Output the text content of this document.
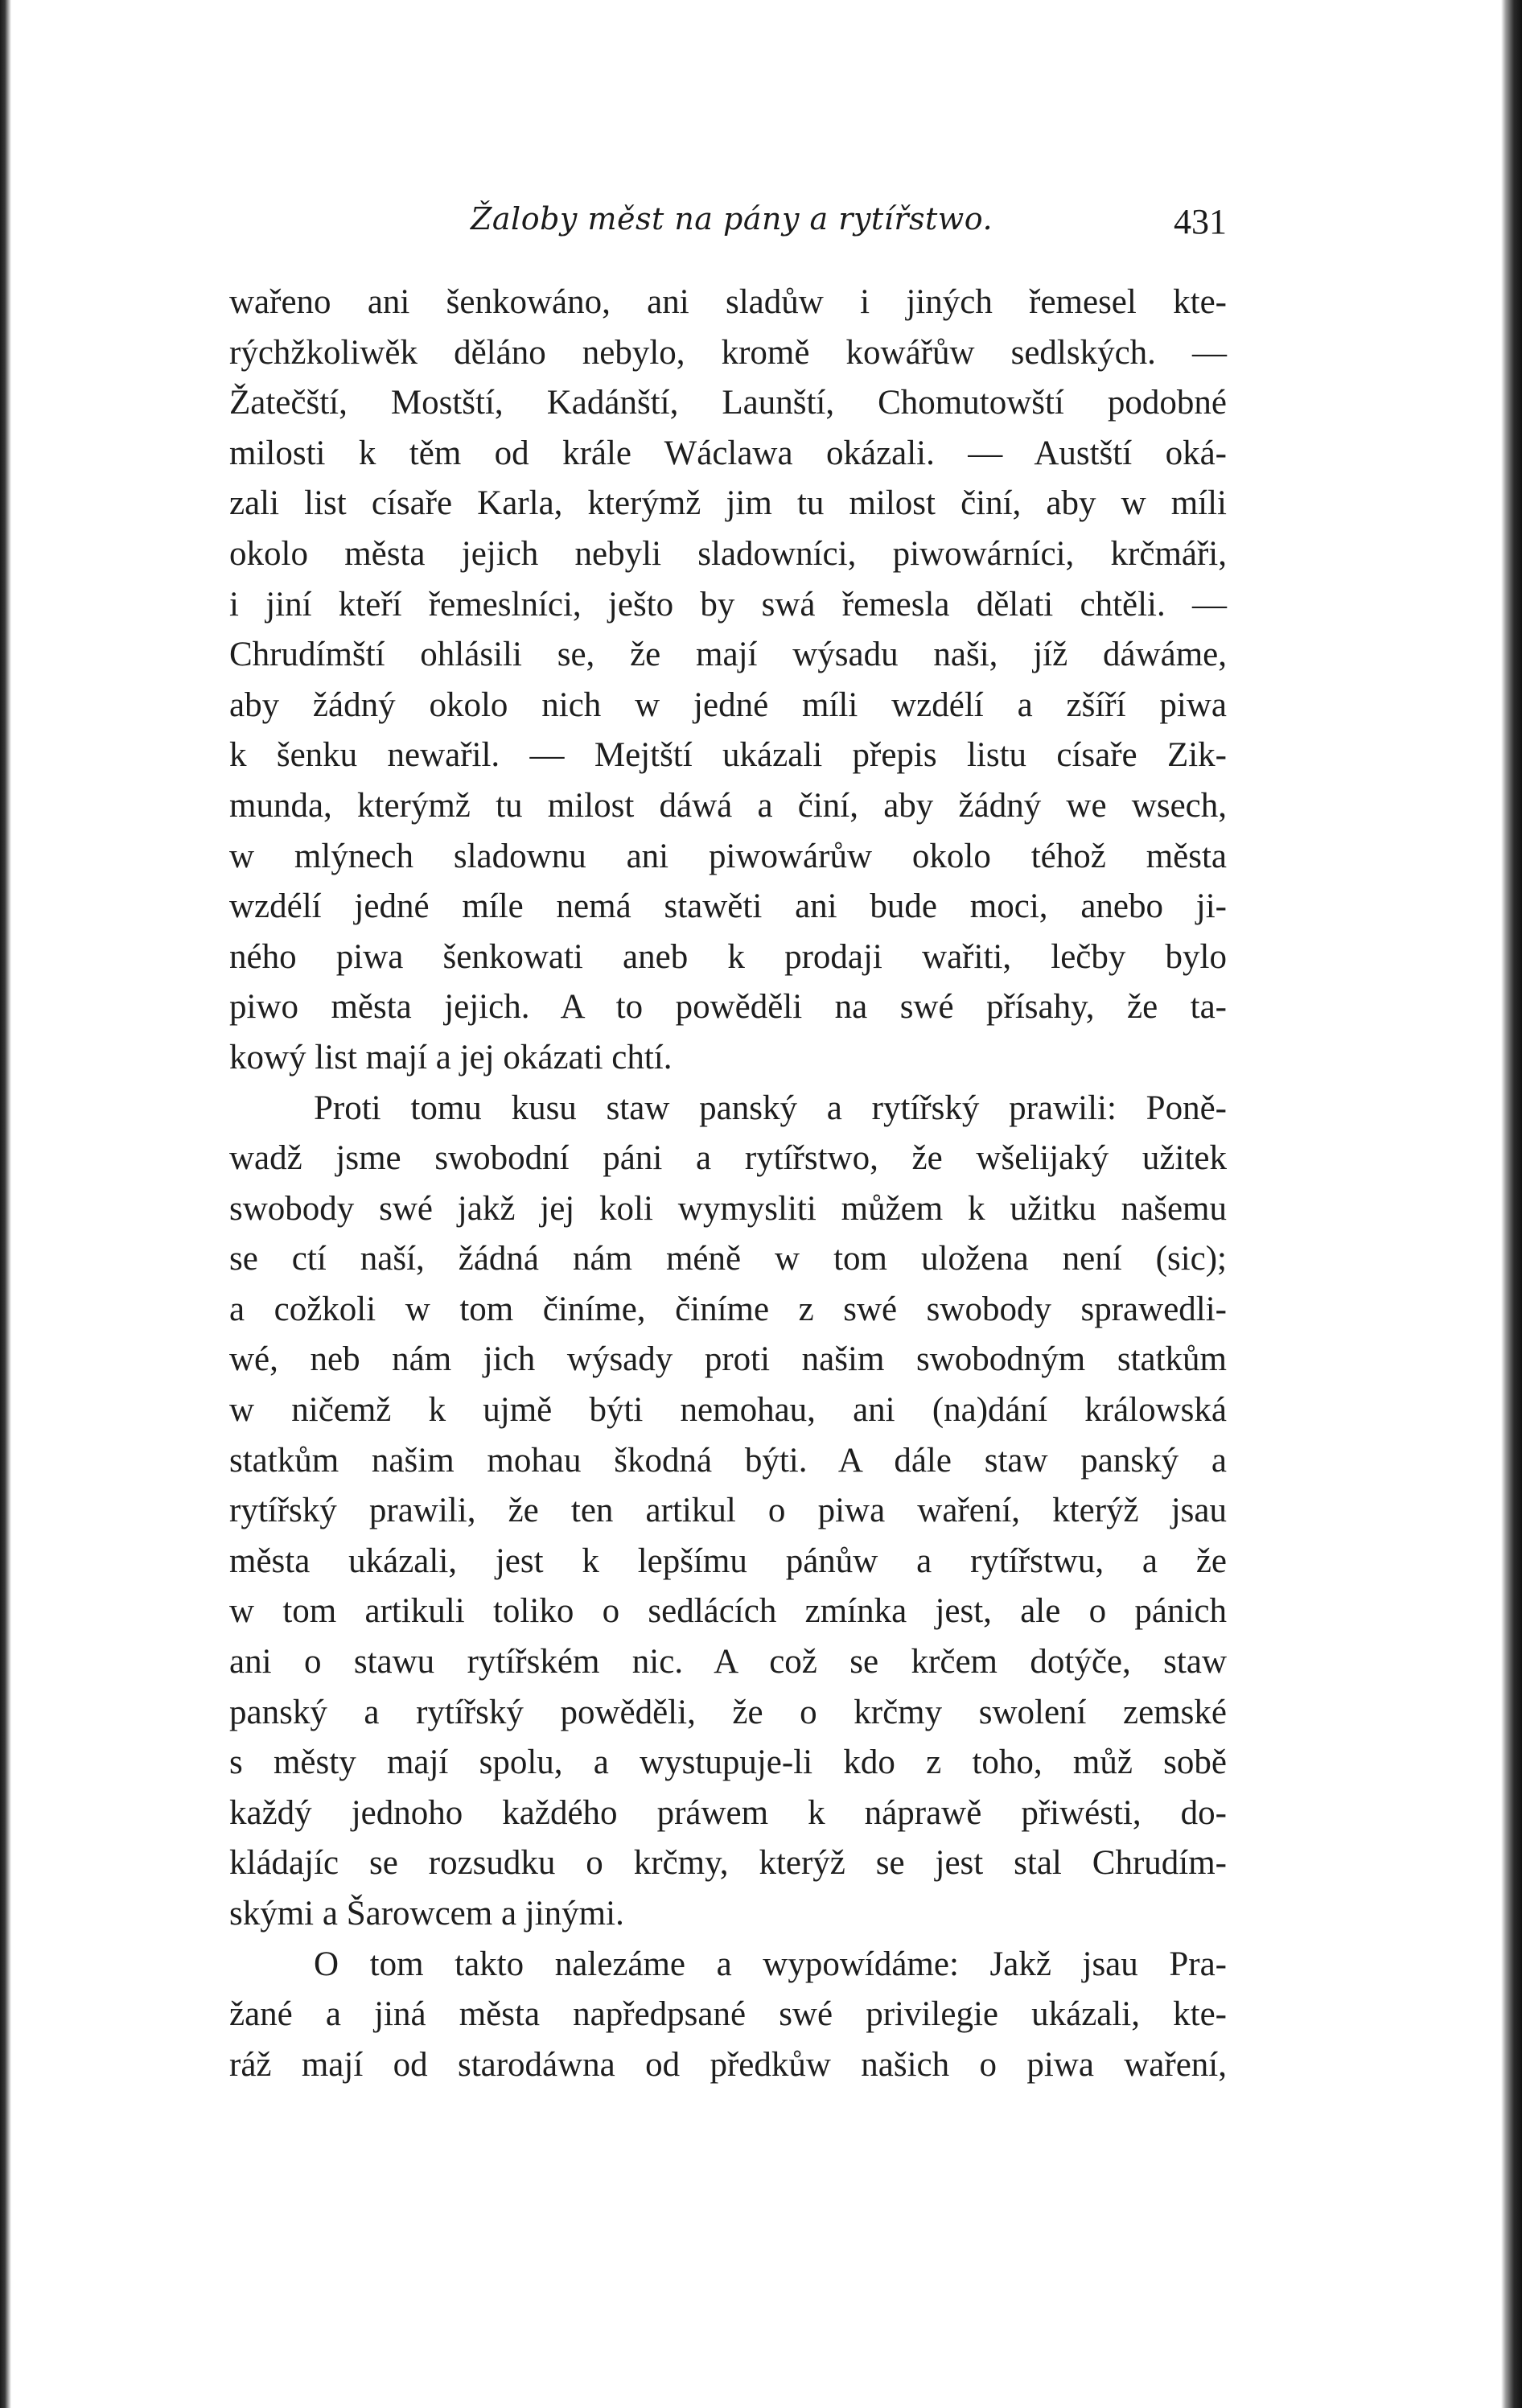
Žaloby měst na pány a rytířstwo.	431
wařeno ani šenkowáno, ani sladůw i jiných řemesel kte-
rýchžkoliwěk děláno nebylo, kromě kowářůw sedlských. —
Žatečští, Mostští, Kadánští, Launští, Chomutowští podobné
milosti k těm od krále Wáclawa okázali. — Austští oká-
zali list císaře Karla, kterýmž jim tu milost činí, aby w míli
okolo města jejich nebyli sladowníci, piwowárníci, krčmáři,
i jiní kteří řemeslníci, ješto by swá řemesla dělati chtěli. —
Chrudímští ohlásili se, že mají wýsadu naši, jíž dáwáme,
aby žádný okolo nich w jedné míli wzdélí a zšíří piwa
k šenku newařil. — Mejtští ukázali přepis listu císaře Zik-
munda, kterýmž tu milost dáwá a činí, aby žádný we wsech,
w mlýnech sladownu ani piwowárůw okolo téhož města
wzdélí jedné míle nemá stawěti ani bude moci, anebo ji-
ného piwa šenkowati aneb k prodaji wařiti, lečby bylo
piwo města jejich. A to powěděli na swé přísahy, že ta-
kowý list mají a jej okázati chtí.
Proti tomu kusu staw panský a rytířský prawili: Poně-
wadž jsme swobodní páni a rytířstwo, že wšelijaký užitek
swobody swé jakž jej koli wymysliti můžem k užitku našemu
se ctí naší, žádná nám méně w tom uložena není (sic);
a cožkoli w tom činíme, činíme z swé swobody sprawedli-
wé, neb nám jich wýsady proti našim swobodným statkům
w ničemž k ujmě býti nemohau, ani (na)dání králowská
statkům našim mohau škodná býti. A dále staw panský a
rytířský prawili, že ten artikul o piwa waření, kterýž jsau
města ukázali, jest k lepšímu pánůw a rytířstwu, a že
w tom artikuli toliko o sedlácích zmínka jest, ale o pánich
ani o stawu rytířském nic. A což se krčem dotýče, staw
panský a rytířský powěděli, že o krčmy swolení zemské
s městy mají spolu, a wystupuje-li kdo z toho, můž sobě
každý jednoho každého práwem k náprawě přiwésti, do-
kládajíc se rozsudku o krčmy, kterýž se jest stal Chrudím-
skými a Šarowcem a jinými.
O tom takto nalezáme a wypowídáme: Jakž jsau Pra-
žané a jiná města napředpsané swé privilegie ukázali, kte-
ráž mají od starodáwna od předkůw našich o piwa waření,
